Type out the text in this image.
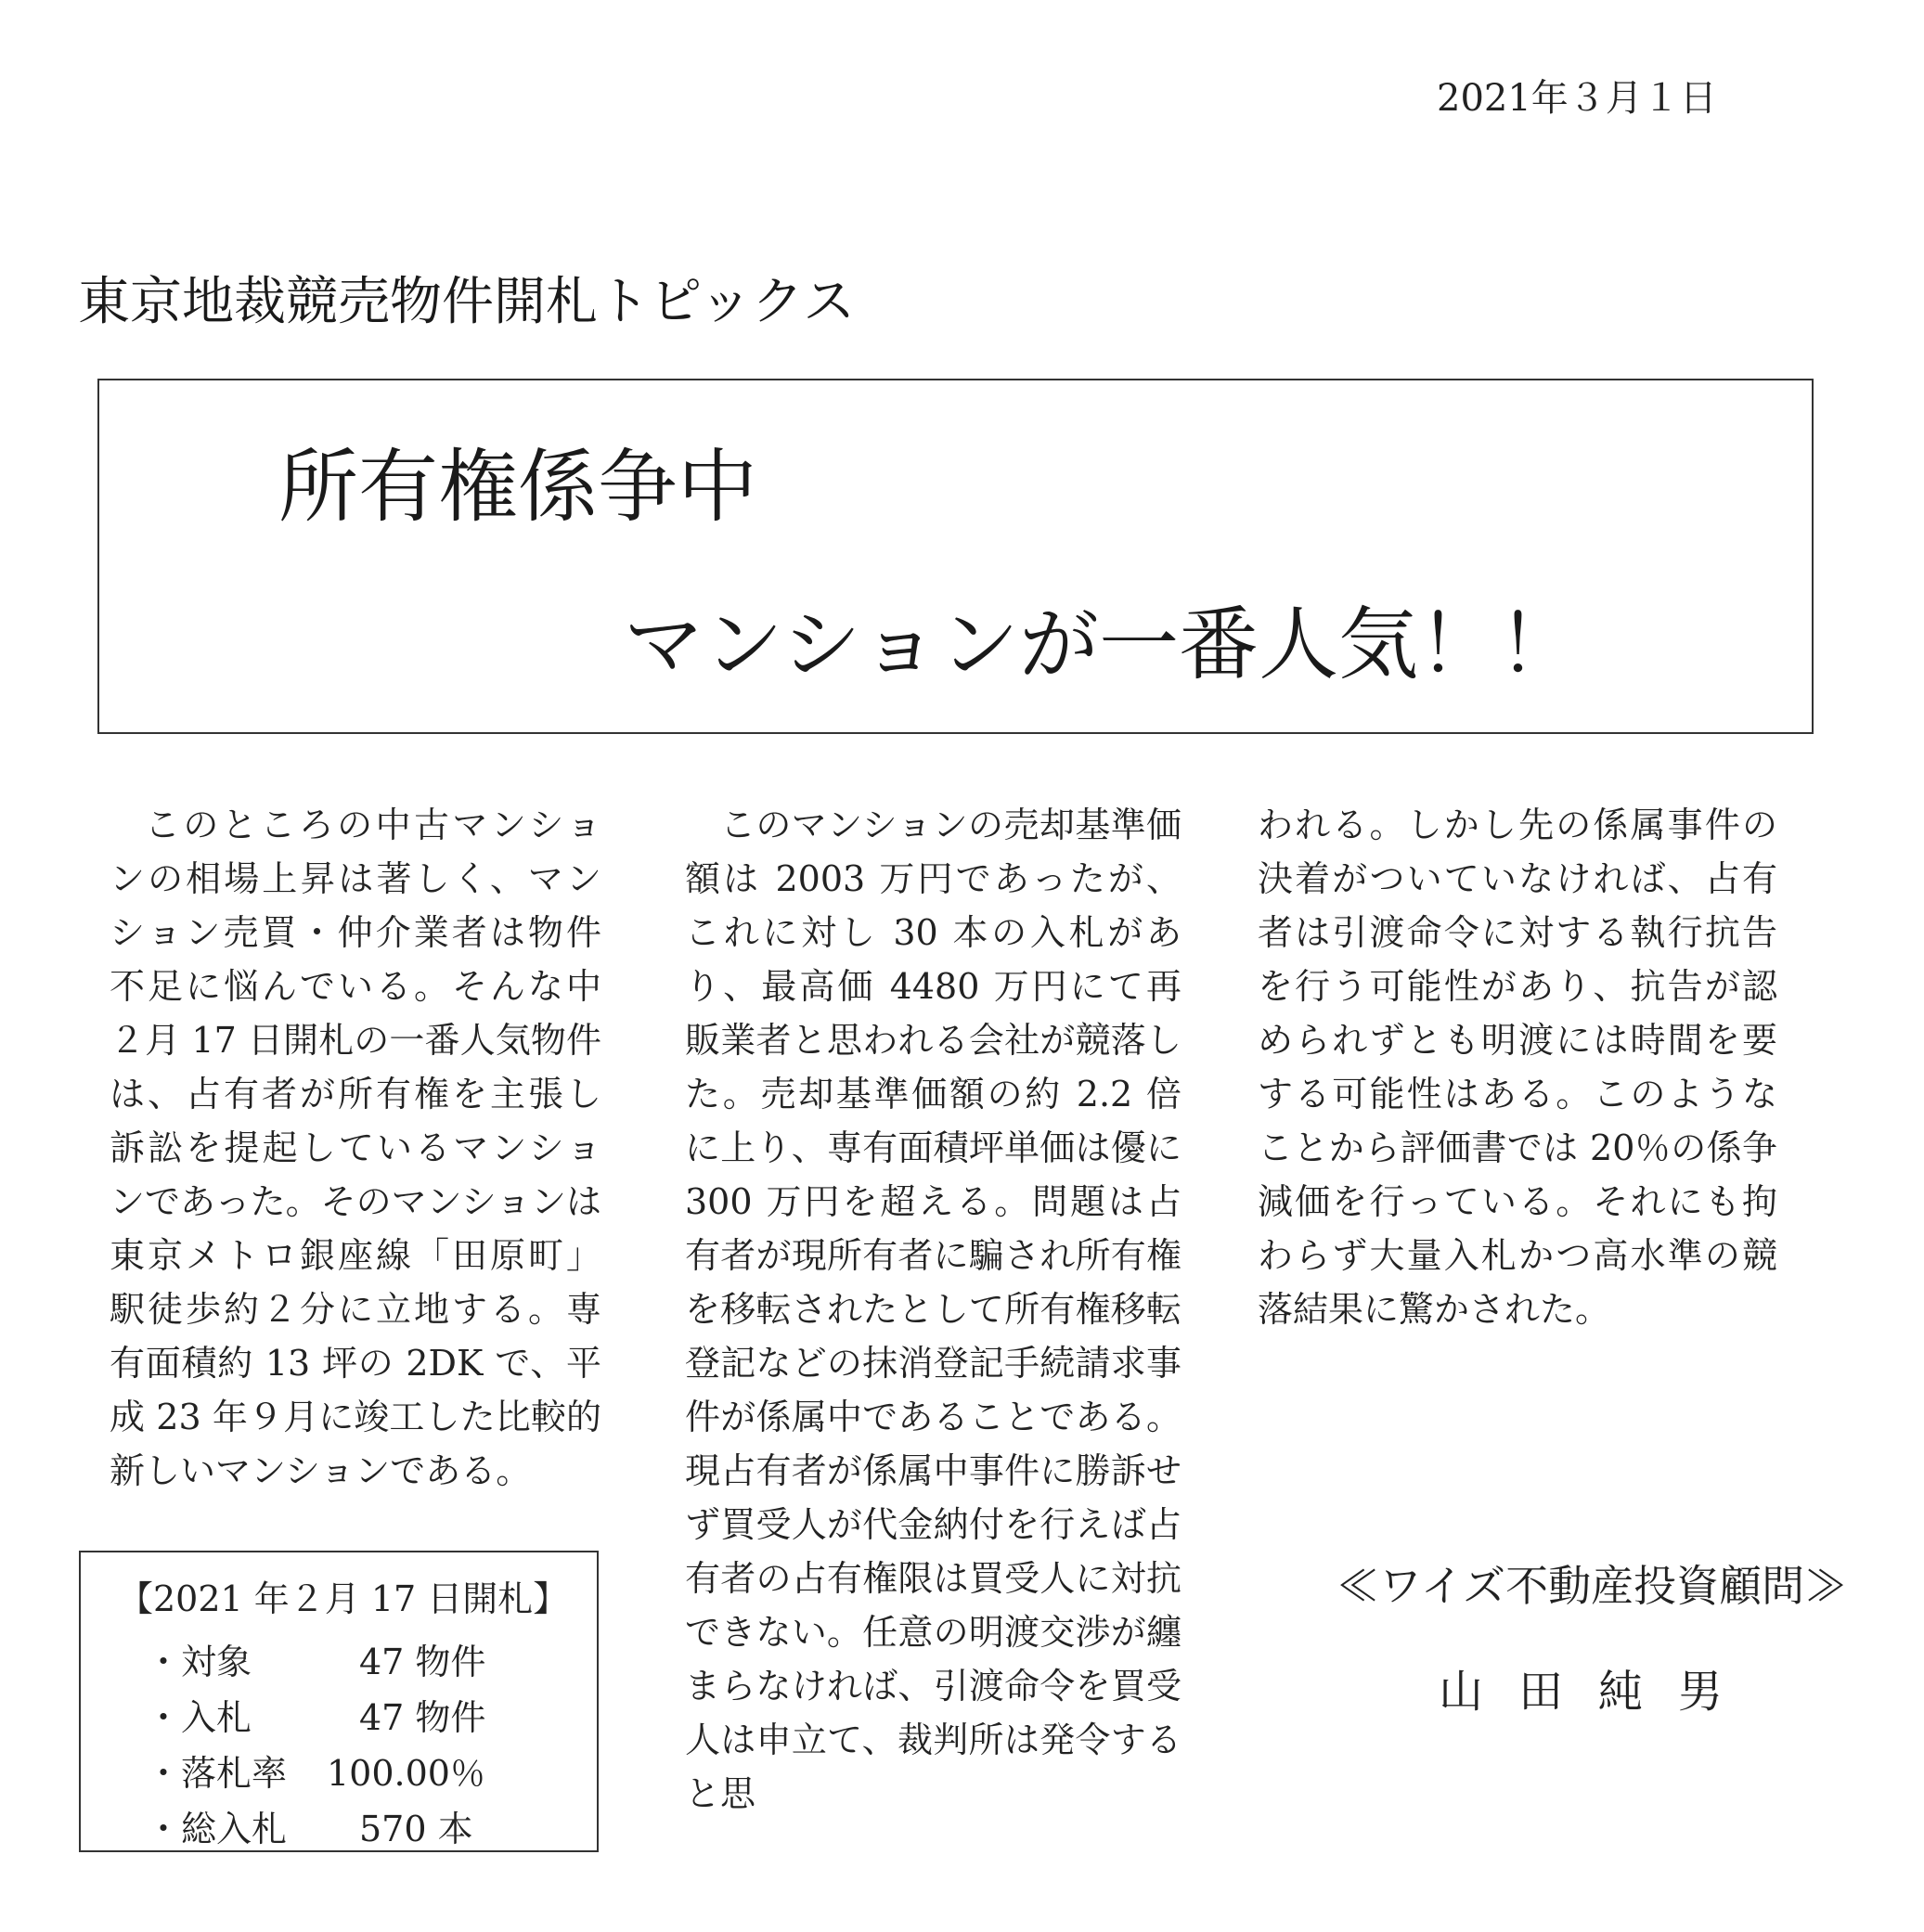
2021年３月１日
東京地裁競売物件開札トピックス
所有権係争中
マンションが一番人気！！

このところの中古マンションの相場上昇は著しく、マンション売買・仲介業者は物件不足に悩んでいる。そんな中２月 17 日開札の一番人気物件は、占有者が所有権を主張し訴訟を提起しているマンションであった。そのマンションは東京メトロ銀座線「田原町」駅徒歩約２分に立地する。専有面積約 13 坪の 2DK で、平成 23 年９月に竣工した比較的新しいマンションである。

このマンションの売却基準価額は 2003 万円であったが、これに対し 30 本の入札があり、最高価 4480 万円にて再販業者と思われる会社が競落した。売却基準価額の約 2.2 倍に上り、専有面積坪単価は優に 300 万円を超える。問題は占有者が現所有者に騙され所有権を移転されたとして所有権移転登記などの抹消登記手続請求事件が係属中であることである。現占有者が係属中事件に勝訴せず買受人が代金納付を行えば占有者の占有権限は買受人に対抗できない。任意の明渡交渉が纏まらなければ、引渡命令を買受人は申立て、裁判所は発令すると思

われる。しかし先の係属事件の決着がついていなければ、占有者は引渡命令に対する執行抗告を行う可能性があり、抗告が認められずとも明渡には時間を要する可能性はある。このようなことから評価書では 20％の係争減価を行っている。それにも拘わらず大量入札かつ高水準の競落結果に驚かされた。

【2021 年２月 17 日開札】
・対象	47 物件
・入札	47 物件
・落札率 100.00％
・総入札 570 本
≪ワイズ不動産投資顧問≫
山田純男
